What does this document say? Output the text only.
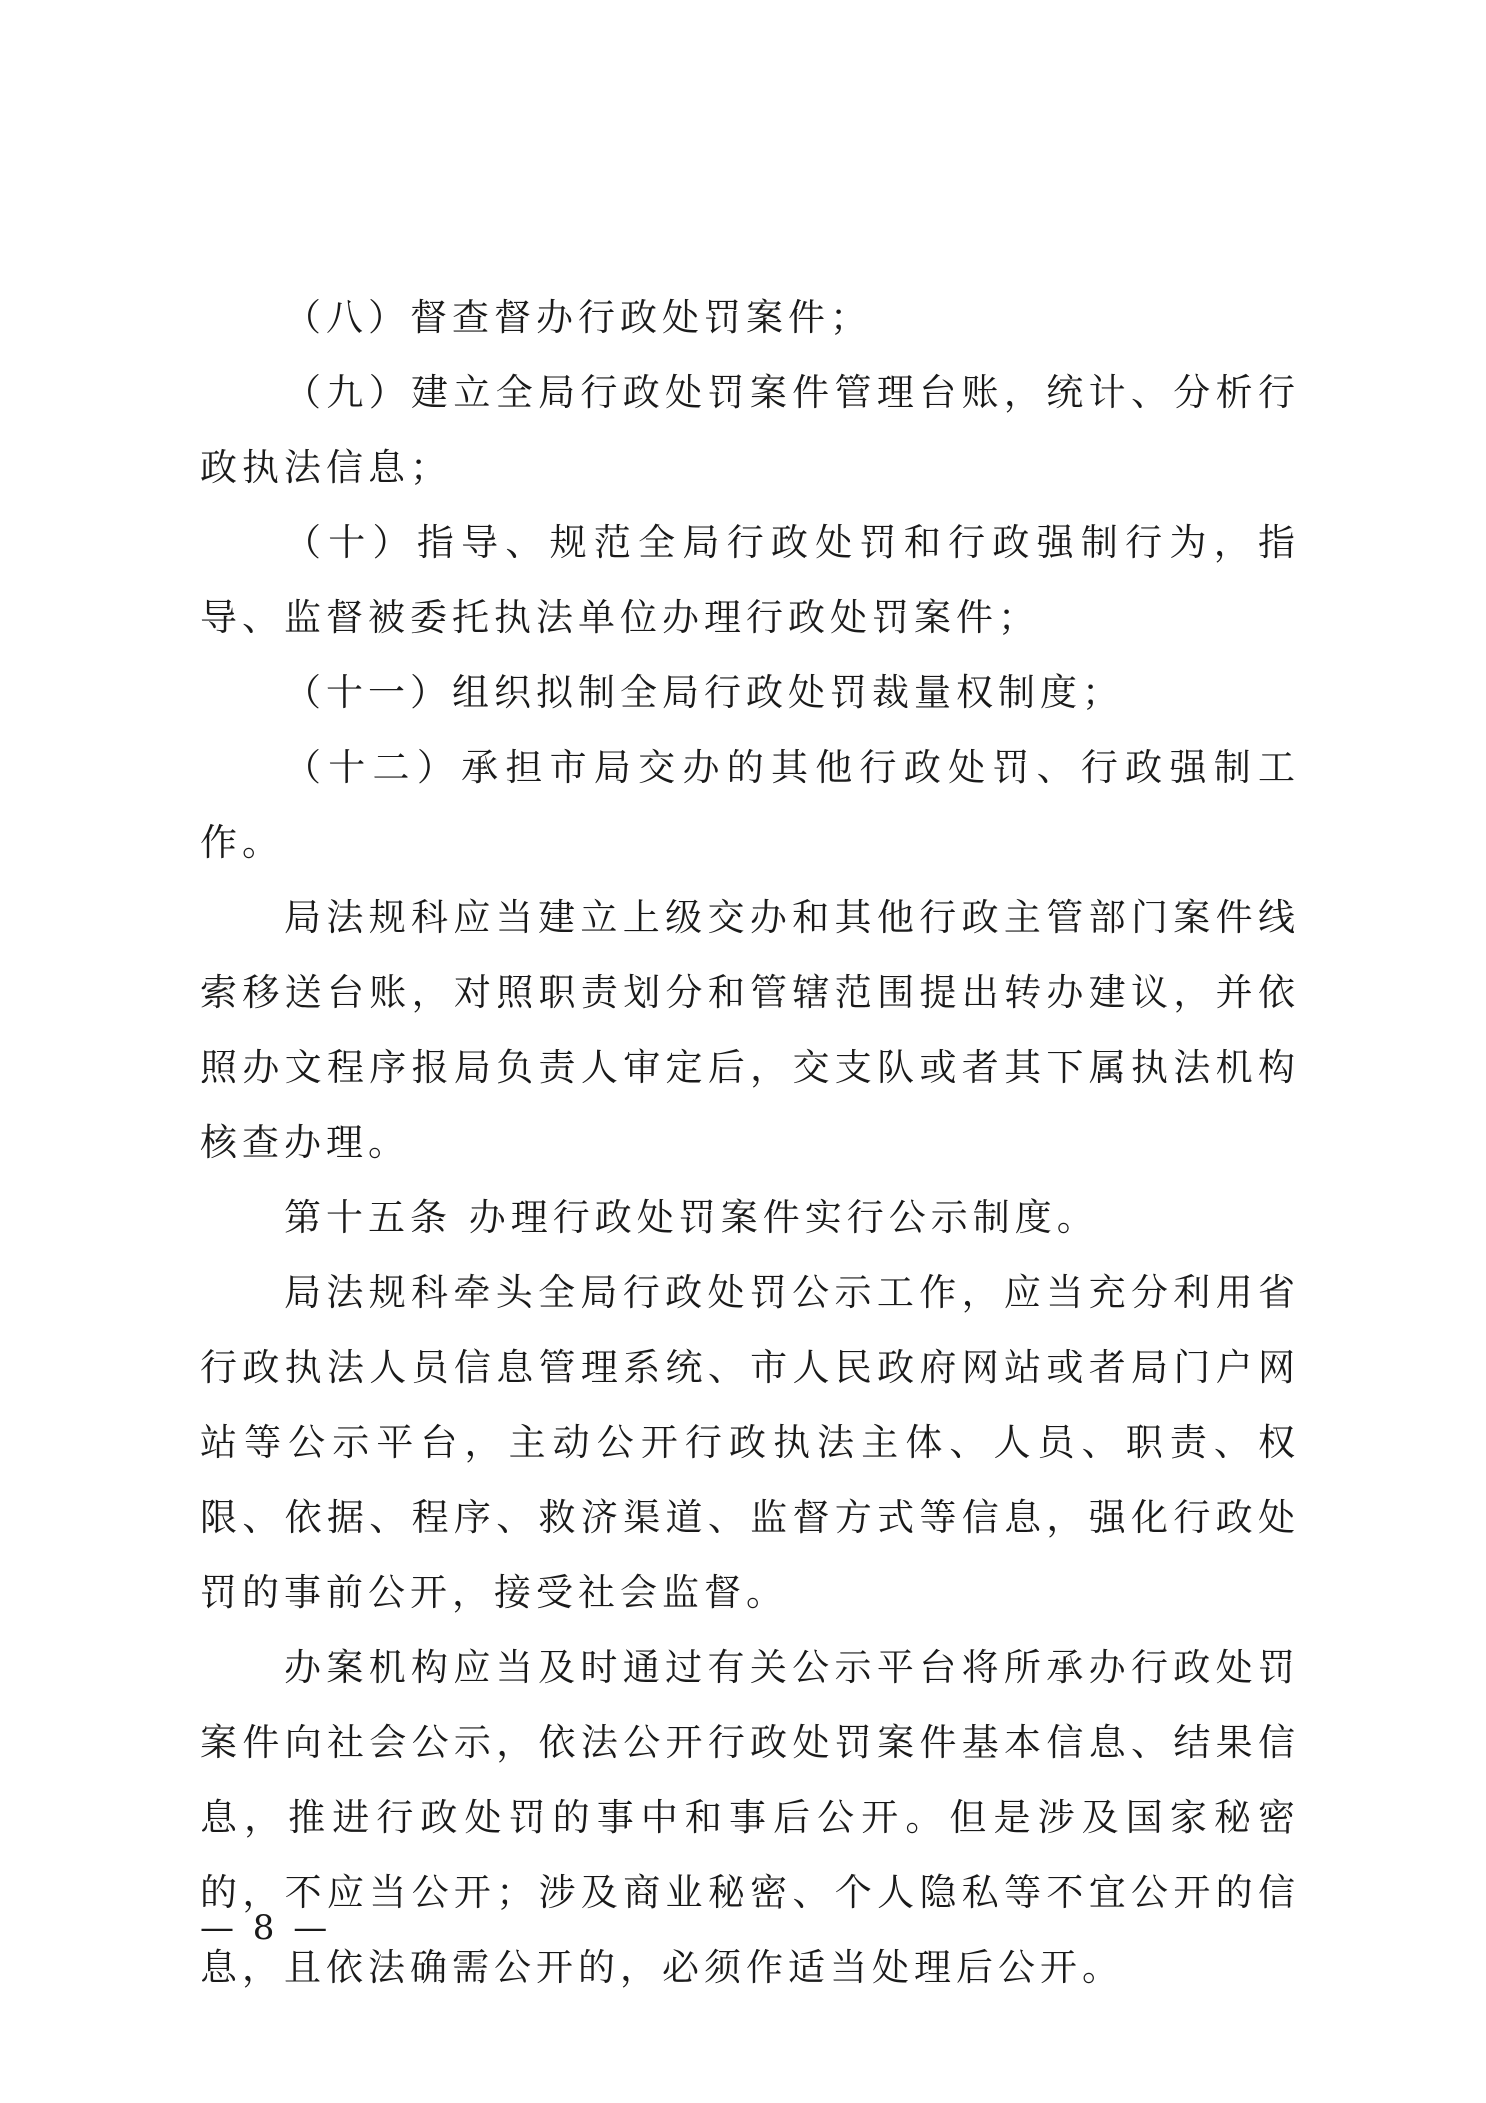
（八）督查督办行政处罚案件；

（九）建立全局行政处罚案件管理台账，统计、分析行政执法信息；

（十）指导、规范全局行政处罚和行政强制行为，指导、监督被委托执法单位办理行政处罚案件；

（十一）组织拟制全局行政处罚裁量权制度；

（十二）承担市局交办的其他行政处罚、行政强制工作。

局法规科应当建立上级交办和其他行政主管部门案件线索移送台账，对照职责划分和管辖范围提出转办建议，并依照办文程序报局负责人审定后，交支队或者其下属执法机构核查办理。

第十五条 办理行政处罚案件实行公示制度。

局法规科牵头全局行政处罚公示工作，应当充分利用省行政执法人员信息管理系统、市人民政府网站或者局门户网站等公示平台，主动公开行政执法主体、人员、职责、权限、依据、程序、救济渠道、监督方式等信息，强化行政处罚的事前公开，接受社会监督。

办案机构应当及时通过有关公示平台将所承办行政处罚案件向社会公示，依法公开行政处罚案件基本信息、结果信息，推进行政处罚的事中和事后公开。但是涉及国家秘密的，不应当公开；涉及商业秘密、个人隐私等不宜公开的信息，且依法确需公开的，必须作适当处理后公开。

— 8 —
